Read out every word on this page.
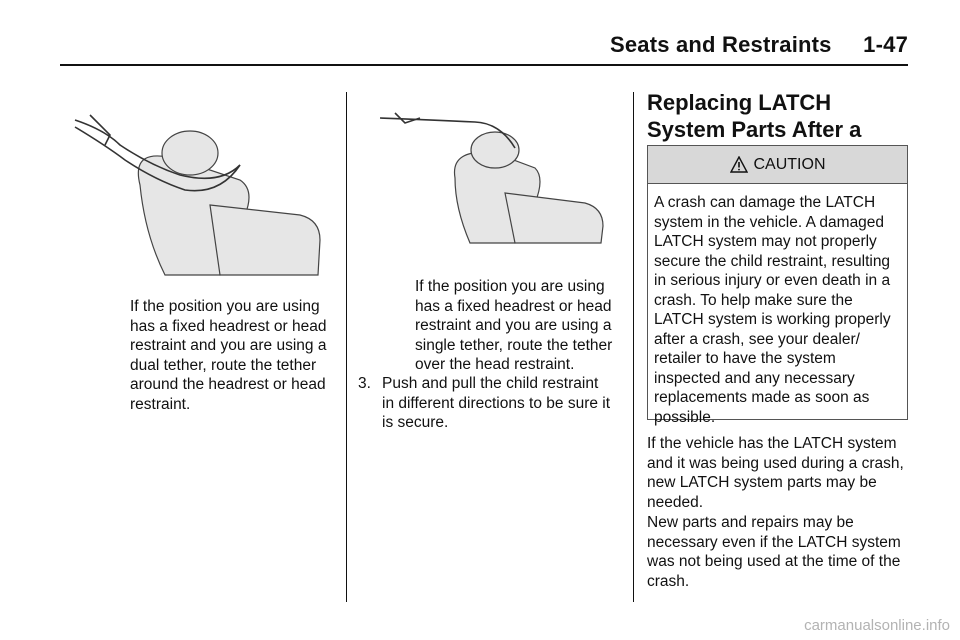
Seats and Restraints     1-47

If the position you are using has a fixed headrest or head restraint and you are using a dual tether, route the tether around the headrest or head restraint.

If the position you are using has a fixed headrest or head restraint and you are using a single tether, route the tether over the head restraint.

3. Push and pull the child restraint in different directions to be sure it is secure.

Replacing LATCH System Parts After a
CAUTION
A crash can damage the LATCH system in the vehicle. A damaged LATCH system may not properly secure the child restraint, resulting in serious injury or even death in a crash. To help make sure the LATCH system is working properly after a crash, see your dealer/ retailer to have the system inspected and any necessary replacements made as soon as possible.

If the vehicle has the LATCH system and it was being used during a crash, new LATCH system parts may be needed.

New parts and repairs may be necessary even if the LATCH system was not being used at the time of the crash.

carmanualsonline.info
